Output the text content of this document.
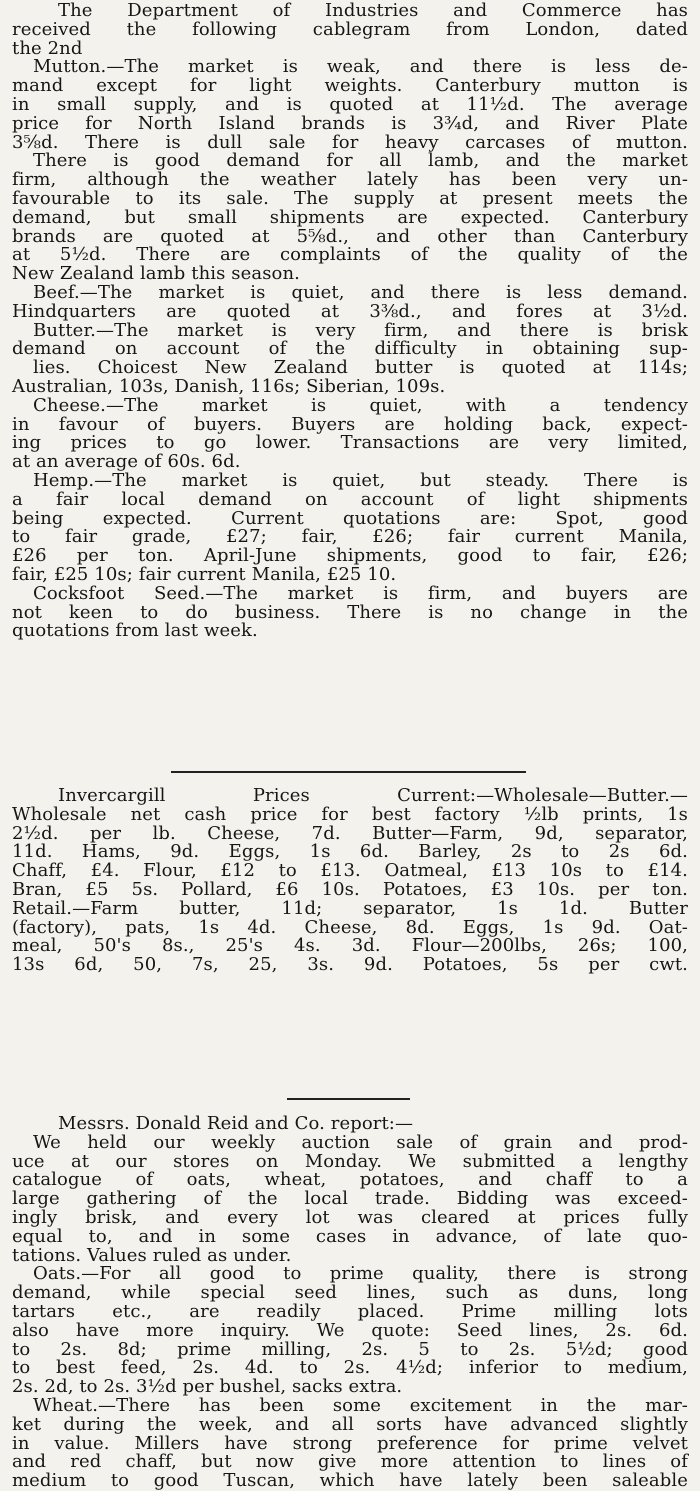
The Department of Industries and Commerce has
received the following cablegram from London, dated
the 2nd
Mutton.—The market is weak, and there is less de-
mand except for light weights. Canterbury mutton is
in small supply, and is quoted at 11½d. The average
price for North Island brands is 3¾d, and River Plate
3⅝d. There is dull sale for heavy carcases of mutton.
There is good demand for all lamb, and the market
firm, although the weather lately has been very un-
favourable to its sale. The supply at present meets the
demand, but small shipments are expected. Canterbury
brands are quoted at 5⅝d., and other than Canterbury
at 5½d. There are complaints of the quality of the
New Zealand lamb this season.
Beef.—The market is quiet, and there is less demand.
Hindquarters are quoted at 3⅜d., and fores at 3½d.
Butter.—The market is very firm, and there is brisk
demand on account of the difficulty in obtaining sup-
lies. Choicest New Zealand butter is quoted at 114s;
Australian, 103s, Danish, 116s; Siberian, 109s.
Cheese.—The market is quiet, with a tendency
in favour of buyers. Buyers are holding back, expect-
ing prices to go lower. Transactions are very limited,
at an average of 60s. 6d.
Hemp.—The market is quiet, but steady. There is
a fair local demand on account of light shipments
being expected. Current quotations are: Spot, good
to fair grade, £27; fair, £26; fair current Manila,
£26 per ton. April-June shipments, good to fair, £26;
fair, £25 10s; fair current Manila, £25 10.
Cocksfoot Seed.—The market is firm, and buyers are
not keen to do business. There is no change in the
quotations from last week.
Invercargill Prices Current:—Wholesale—Butter.—
Wholesale net cash price for best factory ½lb prints, 1s
2½d. per lb. Cheese, 7d. Butter—Farm, 9d, separator,
11d. Hams, 9d. Eggs, 1s 6d. Barley, 2s to 2s 6d.
Chaff, £4. Flour, £12 to £13. Oatmeal, £13 10s to £14.
Bran, £5 5s. Pollard, £6 10s. Potatoes, £3 10s. per ton.
Retail.—Farm butter, 11d; separator, 1s 1d. Butter
(factory), pats, 1s 4d. Cheese, 8d. Eggs, 1s 9d. Oat-
meal, 50's 8s., 25's 4s. 3d. Flour—200lbs, 26s; 100,
13s 6d, 50, 7s, 25, 3s. 9d. Potatoes, 5s per cwt.
Messrs. Donald Reid and Co. report:—
We held our weekly auction sale of grain and prod-
uce at our stores on Monday. We submitted a lengthy
catalogue of oats, wheat, potatoes, and chaff to a
large gathering of the local trade. Bidding was exceed-
ingly brisk, and every lot was cleared at prices fully
equal to, and in some cases in advance, of late quo-
tations. Values ruled as under.
Oats.—For all good to prime quality, there is strong
demand, while special seed lines, such as duns, long
tartars etc., are readily placed. Prime milling lots
also have more inquiry. We quote: Seed lines, 2s. 6d.
to 2s. 8d; prime milling, 2s. 5 to 2s. 5½d; good
to best feed, 2s. 4d. to 2s. 4½d; inferior to medium,
2s. 2d, to 2s. 3½d per bushel, sacks extra.
Wheat.—There has been some excitement in the mar-
ket during the week, and all sorts have advanced slightly
in value. Millers have strong preference for prime velvet
and red chaff, but now give more attention to lines of
medium to good Tuscan, which have lately been saleable
